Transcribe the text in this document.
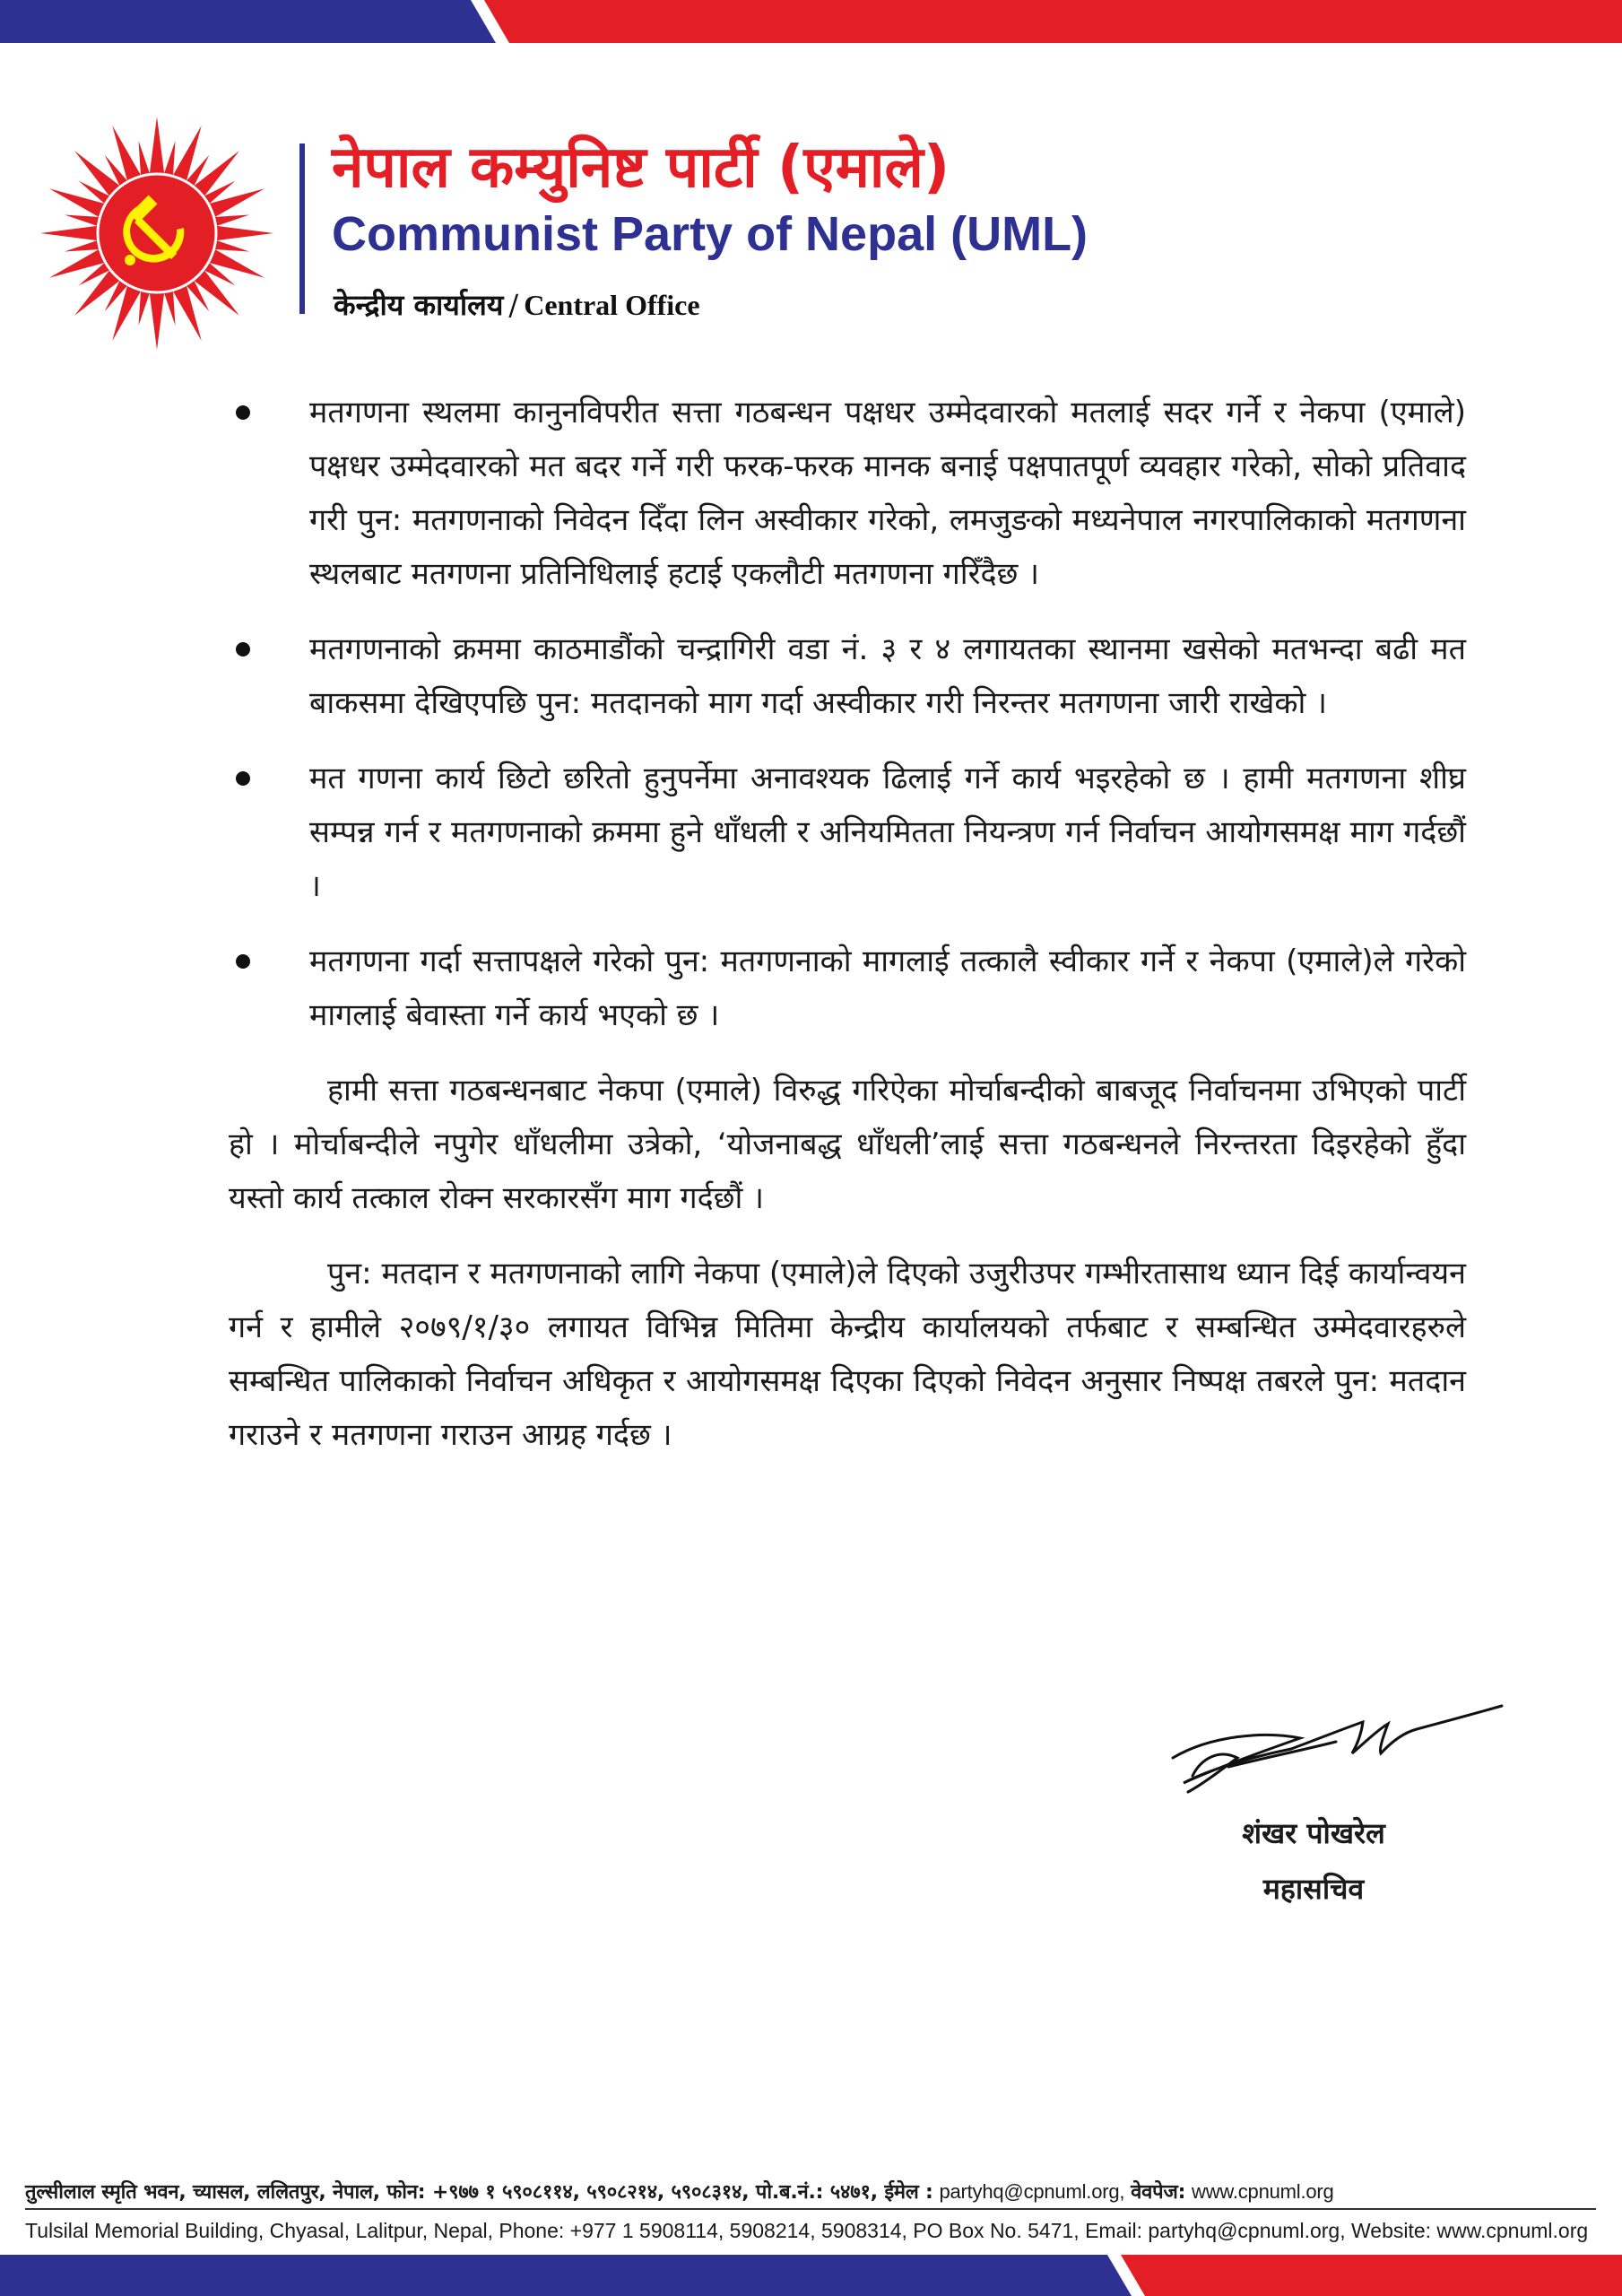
नेपाल कम्युनिष्ट पार्टी (एमाले)
Communist Party of Nepal (UML)
केन्द्रीय कार्यालय / Central Office
मतगणना स्थलमा कानुनविपरीत सत्ता गठबन्धन पक्षधर उम्मेदवारको मतलाई सदर गर्ने र नेकपा (एमाले) पक्षधर उम्मेदवारको मत बदर गर्ने गरी फरक-फरक मानक बनाई पक्षपातपूर्ण व्यवहार गरेको, सोको प्रतिवाद गरी पुन: मतगणनाको निवेदन दिँदा लिन अस्वीकार गरेको, लमजुङको मध्यनेपाल नगरपालिकाको मतगणना स्थलबाट मतगणना प्रतिनिधिलाई हटाई एकलौटी मतगणना गरिँदैछ ।
मतगणनाको क्रममा काठमाडौंको चन्द्रागिरी वडा नं. ३ र ४ लगायतका स्थानमा खसेको मतभन्दा बढी मत बाकसमा देखिएपछि पुन: मतदानको माग गर्दा अस्वीकार गरी निरन्तर मतगणना जारी राखेको ।
मत गणना कार्य छिटो छरितो हुनुपर्नेमा अनावश्यक ढिलाई गर्ने कार्य भइरहेको छ । हामी मतगणना शीघ्र सम्पन्न गर्न र मतगणनाको क्रममा हुने धाँधली र अनियमितता नियन्त्रण गर्न निर्वाचन आयोगसमक्ष माग गर्दछौं ।
मतगणना गर्दा सत्तापक्षले गरेको पुन: मतगणनाको मागलाई तत्कालै स्वीकार गर्ने र नेकपा (एमाले)ले गरेको मागलाई बेवास्ता गर्ने कार्य भएको छ ।

हामी सत्ता गठबन्धनबाट नेकपा (एमाले) विरुद्ध गरिऐका मोर्चाबन्दीको बाबजूद निर्वाचनमा उभिएको पार्टी हो । मोर्चाबन्दीले नपुगेर धाँधलीमा उत्रेको, ‘योजनाबद्ध धाँधली’लाई सत्ता गठबन्धनले निरन्तरता दिइरहेको हुँदा यस्तो कार्य तत्काल रोक्न सरकारसँग माग गर्दछौं ।

पुन: मतदान र मतगणनाको लागि नेकपा (एमाले)ले दिएको उजुरीउपर गम्भीरतासाथ ध्यान दिई कार्यान्वयन गर्न र हामीले २०७९/१/३० लगायत विभिन्न मितिमा केन्द्रीय कार्यालयको तर्फबाट र सम्बन्धित उम्मेदवारहरुले सम्बन्धित पालिकाको निर्वाचन अधिकृत र आयोगसमक्ष दिएका दिएको निवेदन अनुसार निष्पक्ष तबरले पुन: मतदान गराउने र मतगणना गराउन आग्रह गर्दछ ।

शंखर पोखरेल
महासचिव
तुल्सीलाल स्मृति भवन, च्यासल, ललितपुर, नेपाल, फोन: +९७७ १ ५९०८११४, ५९०८२१४, ५९०८३१४, पो.ब.नं.: ५४७१, ईमेल : partyhq@cpnuml.org, वेवपेज: www.cpnuml.org
Tulsilal Memorial Building, Chyasal, Lalitpur, Nepal, Phone: +977 1 5908114, 5908214, 5908314, PO Box No. 5471, Email: partyhq@cpnuml.org, Website: www.cpnuml.org
